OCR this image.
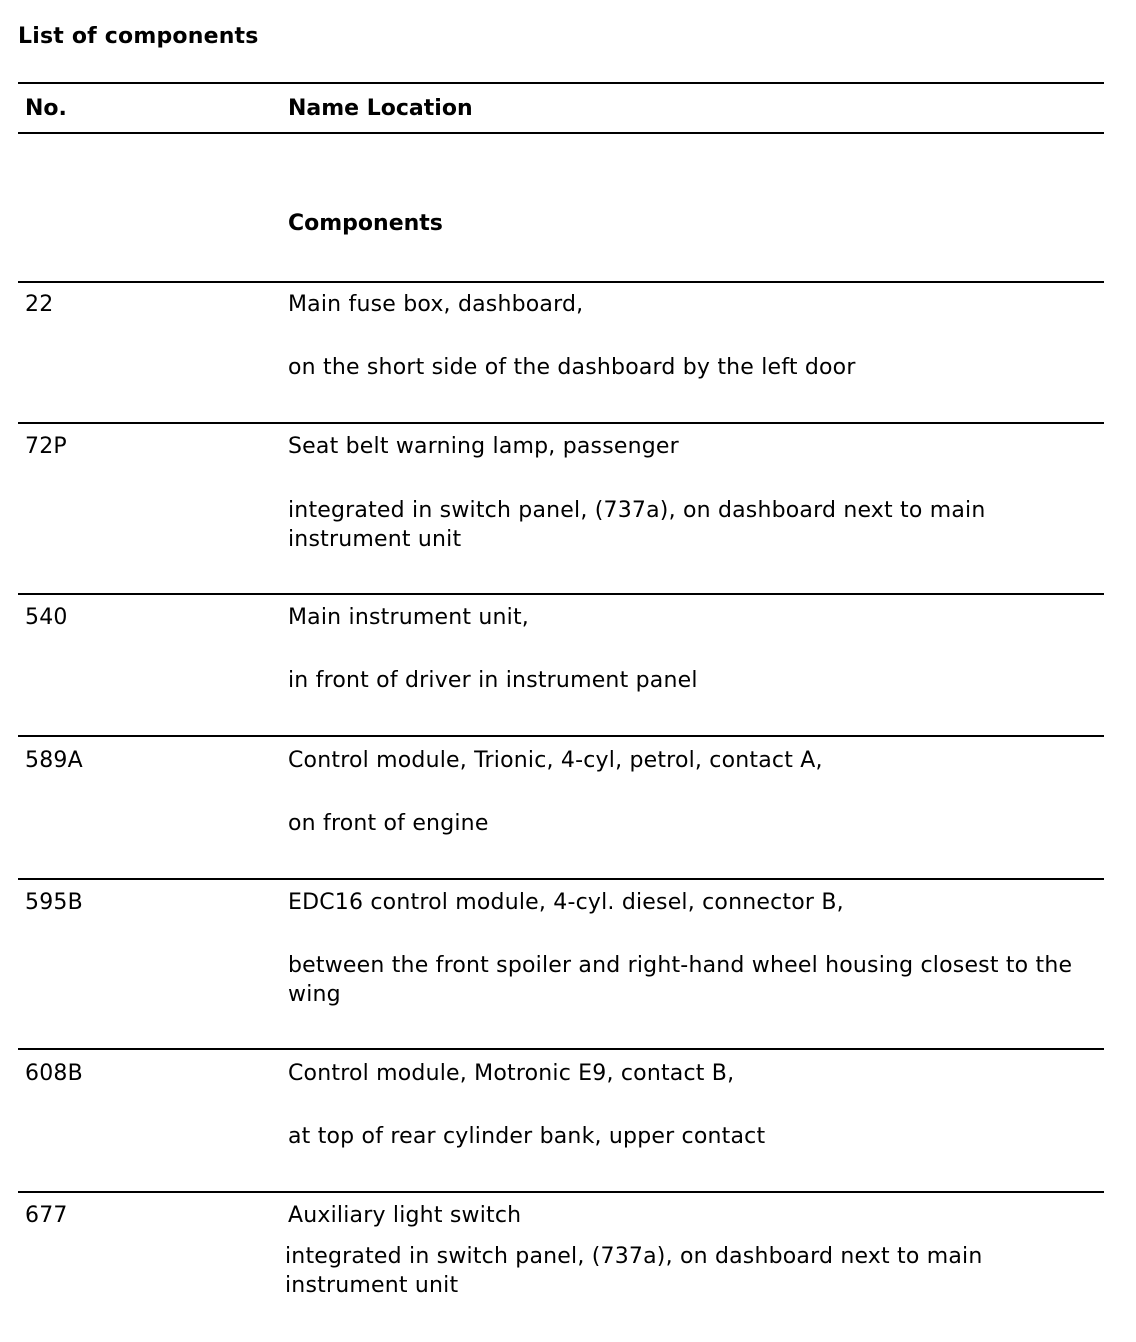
List of components
No.	Name Location
Components
22	Main fuse box, dashboard,
on the short side of the dashboard by the left door
72P	Seat belt warning lamp, passenger
integrated in switch panel, (737a), on dashboard next to main instrument unit
540	Main instrument unit,
in front of driver in instrument panel
589A	Control module, Trionic, 4-cyl, petrol, contact A,
on front of engine
595B	EDC16 control module, 4-cyl. diesel, connector B,
between the front spoiler and right-hand wheel housing closest to the wing
608B	Control module, Motronic E9, contact B,
at top of rear cylinder bank, upper contact
677	Auxiliary light switch
integrated in switch panel, (737a), on dashboard next to main instrument unit
